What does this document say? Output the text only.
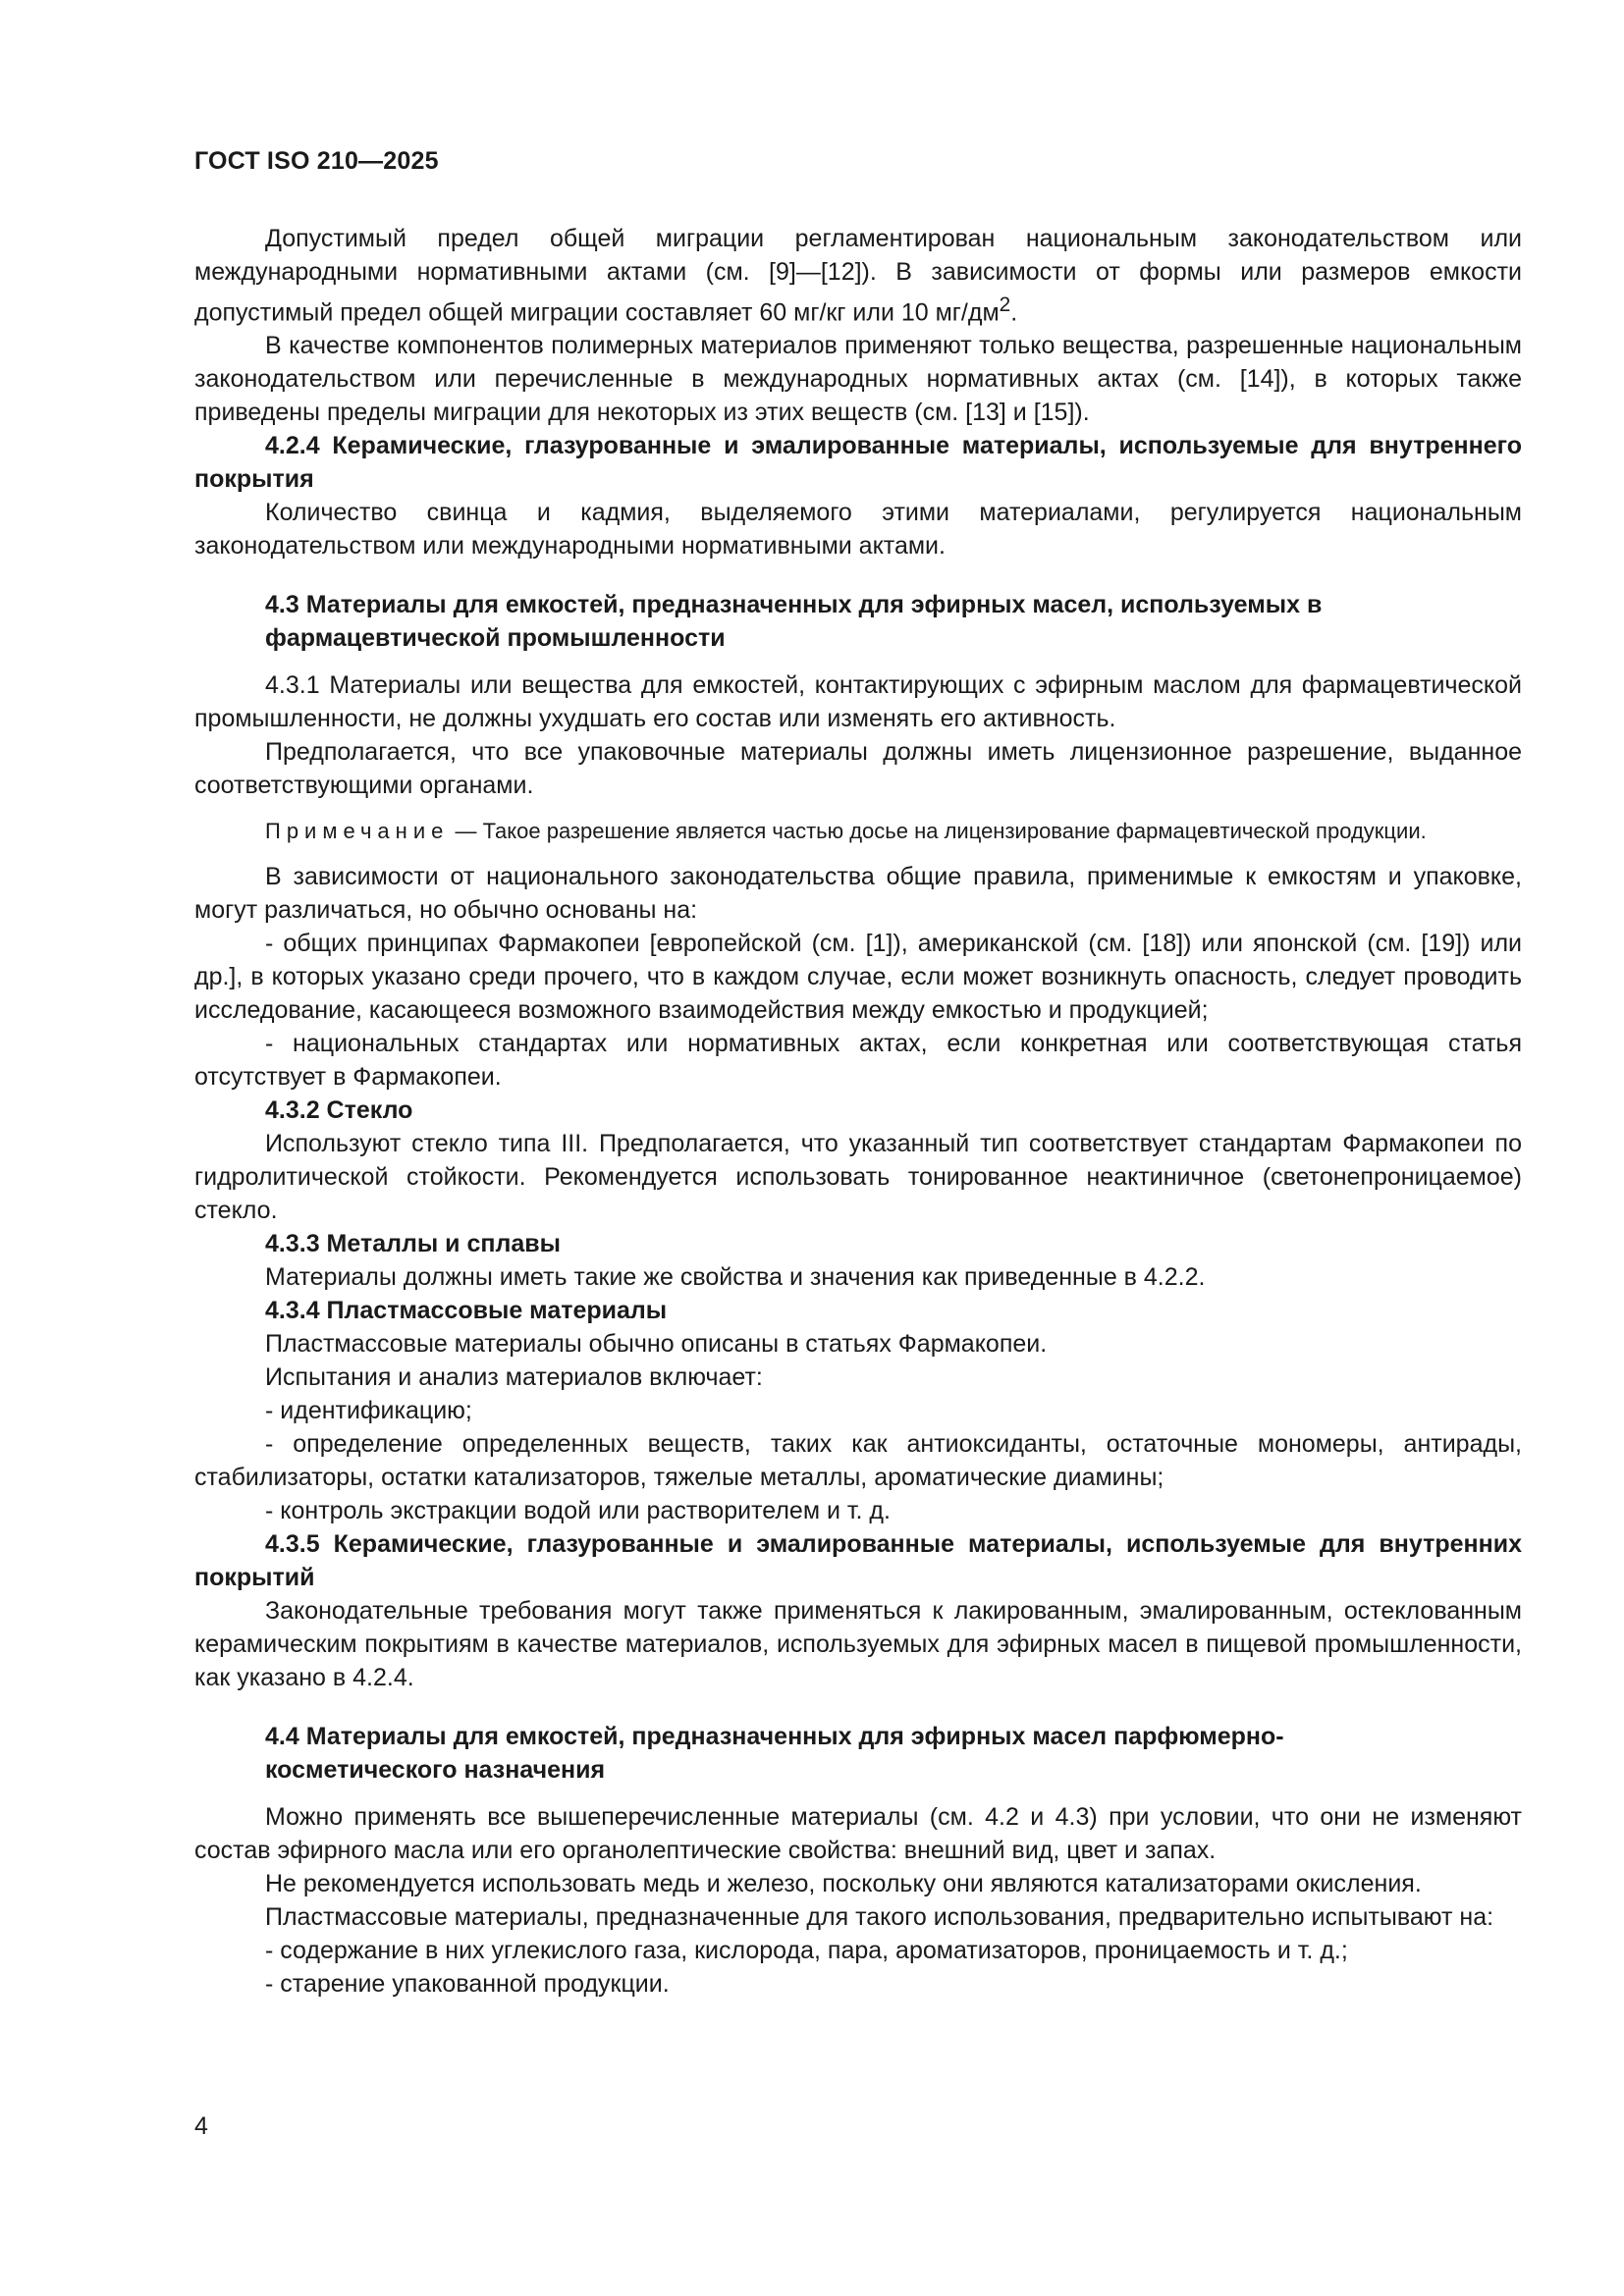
ГОСТ ISO 210—2025

Допустимый предел общей миграции регламентирован национальным законодательством или международными нормативными актами (см. [9]—[12]). В зависимости от формы или размеров емкости допустимый предел общей миграции составляет 60 мг/кг или 10 $мг/дм^2$.

В качестве компонентов полимерных материалов применяют только вещества, разрешенные национальным законодательством или перечисленные в международных нормативных актах (см. [14]), в которых также приведены пределы миграции для некоторых из этих веществ (см. [13] и [15]).

4.2.4 Керамические, глазурованные и эмалированные материалы, используемые для внутреннего покрытия

Количество свинца и кадмия, выделяемого этими материалами, регулируется национальным законодательством или международными нормативными актами.

4.3 Материалы для емкостей, предназначенных для эфирных масел, используемых в фармацевтической промышленности

4.3.1 Материалы или вещества для емкостей, контактирующих с эфирным маслом для фармацевтической промышленности, не должны ухудшать его состав или изменять его активность.

Предполагается, что все упаковочные материалы должны иметь лицензионное разрешение, выданное соответствующими органами.

Примечание — Такое разрешение является частью досье на лицензирование фармацевтической продукции.

В зависимости от национального законодательства общие правила, применимые к емкостям и упаковке, могут различаться, но обычно основаны на:

- общих принципах Фармакопеи [европейской (см. [1]), американской (см. [18]) или японской (см. [19]) или др.], в которых указано среди прочего, что в каждом случае, если может возникнуть опасность, следует проводить исследование, касающееся возможного взаимодействия между емкостью и продукцией;

- национальных стандартах или нормативных актах, если конкретная или соответствующая статья отсутствует в Фармакопеи.

4.3.2 Стекло

Используют стекло типа III. Предполагается, что указанный тип соответствует стандартам Фармакопеи по гидролитической стойкости. Рекомендуется использовать тонированное неактиничное (светонепроницаемое) стекло.

4.3.3 Металлы и сплавы

Материалы должны иметь такие же свойства и значения как приведенные в 4.2.2.

4.3.4 Пластмассовые материалы

Пластмассовые материалы обычно описаны в статьях Фармакопеи.

Испытания и анализ материалов включает:

- идентификацию;

- определение определенных веществ, таких как антиоксиданты, остаточные мономеры, антирады, стабилизаторы, остатки катализаторов, тяжелые металлы, ароматические диамины;

- контроль экстракции водой или растворителем и т. д.

4.3.5 Керамические, глазурованные и эмалированные материалы, используемые для внутренних покрытий

Законодательные требования могут также применяться к лакированным, эмалированным, остеклованным керамическим покрытиям в качестве материалов, используемых для эфирных масел в пищевой промышленности, как указано в 4.2.4.

4.4 Материалы для емкостей, предназначенных для эфирных масел парфюмерно-косметического назначения

Можно применять все вышеперечисленные материалы (см. 4.2 и 4.3) при условии, что они не изменяют состав эфирного масла или его органолептические свойства: внешний вид, цвет и запах.

Не рекомендуется использовать медь и железо, поскольку они являются катализаторами окисления.

Пластмассовые материалы, предназначенные для такого использования, предварительно испытывают на:

- содержание в них углекислого газа, кислорода, пара, ароматизаторов, проницаемость и т. д.;

- старение упакованной продукции.

4
